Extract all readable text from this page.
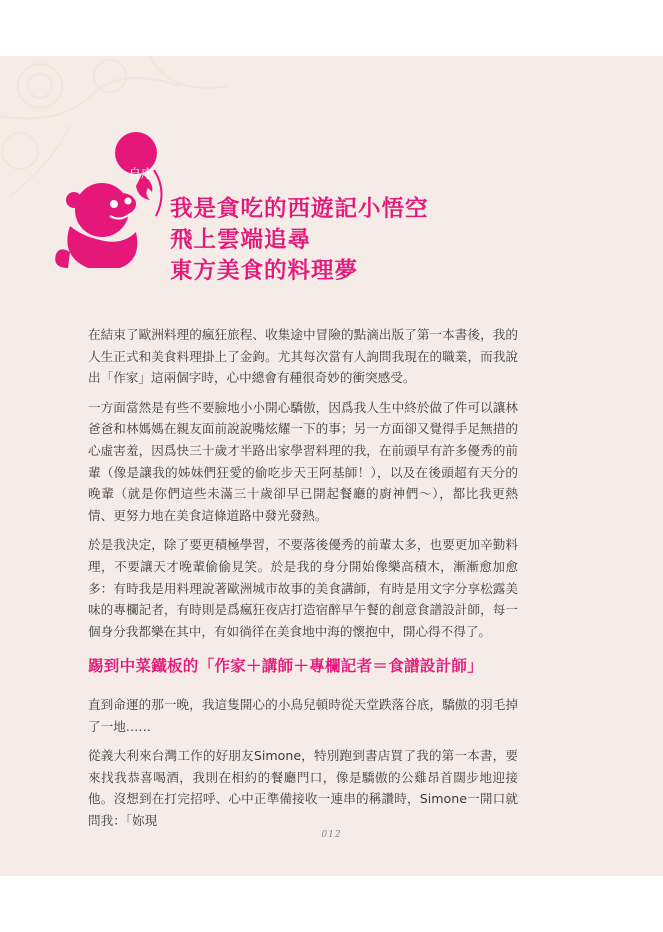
自序
我是貪吃的西遊記小悟空
飛上雲端追尋
東方美食的料理夢

在結束了歐洲料理的瘋狂旅程、收集途中冒險的點滴出版了第一本書後，我的人生正式和美食料理掛上了金鉤。尤其每次當有人詢問我現在的職業，而我說出「作家」這兩個字時，心中總會有種很奇妙的衝突感受。

一方面當然是有些不要臉地小小開心驕傲，因爲我人生中終於做了件可以讓林爸爸和林媽媽在親友面前說說嘴炫耀一下的事；另一方面卻又覺得手足無措的心虛害羞，因爲快三十歲才半路出家學習料理的我，在前頭早有許多優秀的前輩（像是讓我的姊妹們狂愛的偷吃步天王阿基師！），以及在後頭超有天分的晚輩（就是你們這些未滿三十歲卻早已開起餐廳的廚神們～），都比我更熱情、更努力地在美食這條道路中發光發熱。

於是我決定，除了要更積極學習，不要落後優秀的前輩太多，也要更加辛勤料理，不要讓天才晚輩偷偷見笑。於是我的身分開始像樂高積木，漸漸愈加愈多：有時我是用料理說著歐洲城市故事的美食講師，有時是用文字分享松露美味的專欄記者，有時則是爲瘋狂夜店打造宿醉早午餐的創意食譜設計師，每一個身分我都樂在其中，有如徜徉在美食地中海的懷抱中，開心得不得了。

踢到中菜鐵板的「作家＋講師＋專欄記者＝食譜設計師」

直到命運的那一晚，我這隻開心的小鳥兒頓時從天堂跌落谷底，驕傲的羽毛掉了一地……

從義大利來台灣工作的好朋友Simone，特別跑到書店買了我的第一本書，要來找我恭喜喝酒，我則在相約的餐廳門口，像是驕傲的公雞昂首闊步地迎接他。沒想到在打完招呼、心中正準備接收一連串的稱讚時，Simone一開口就問我：「妳現

012
